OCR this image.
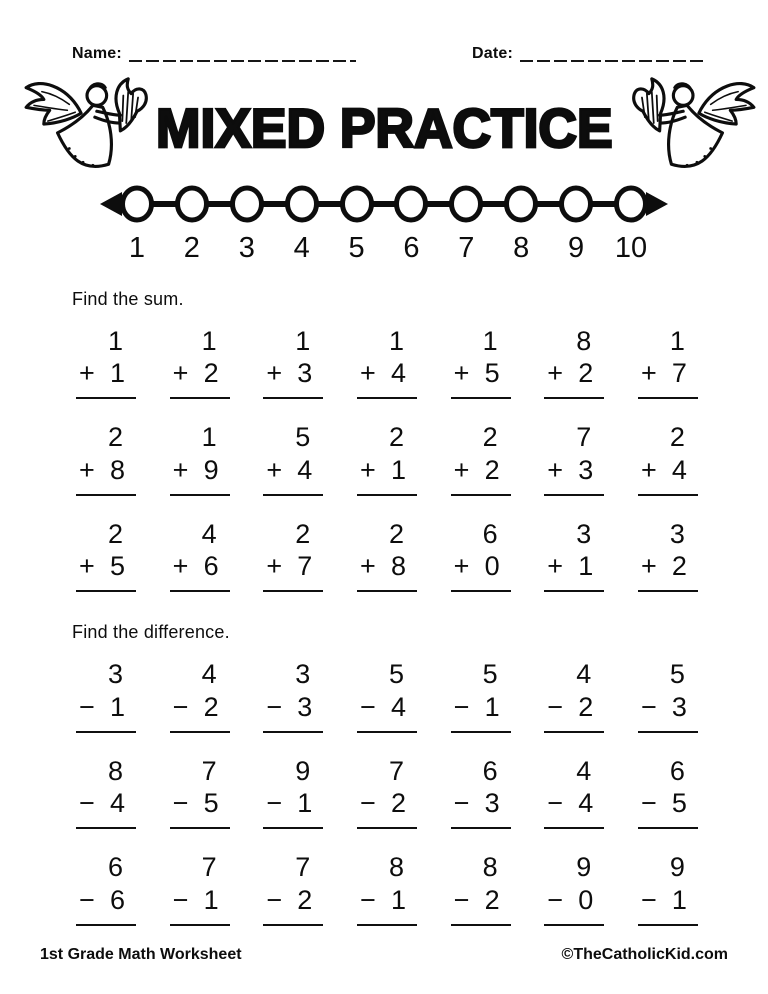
Name:	Date:
MIXED PRACTICE
1	2	3	4	5	6	7	8	9	10

Find the sum.

1
+ 1
1
+ 2
1
+ 3
1
+ 4
1
+ 5
8
+ 2
1
+ 7
2
+ 8
1
+ 9
5
+ 4
2
+ 1
2
+ 2
7
+ 3
2
+ 4
2
+ 5
4
+ 6
2
+ 7
2
+ 8
6
+ 0
3
+ 1
3
+ 2

Find the difference.

3
− 1
4
− 2
3
− 3
5
− 4
5
− 1
4
− 2
5
− 3
8
− 4
7
− 5
9
− 1
7
− 2
6
− 3
4
− 4
6
− 5
6
− 6
7
− 1
7
− 2
8
− 1
8
− 2
9
− 0
9
− 1
1st Grade Math Worksheet	©TheCatholicKid.com
